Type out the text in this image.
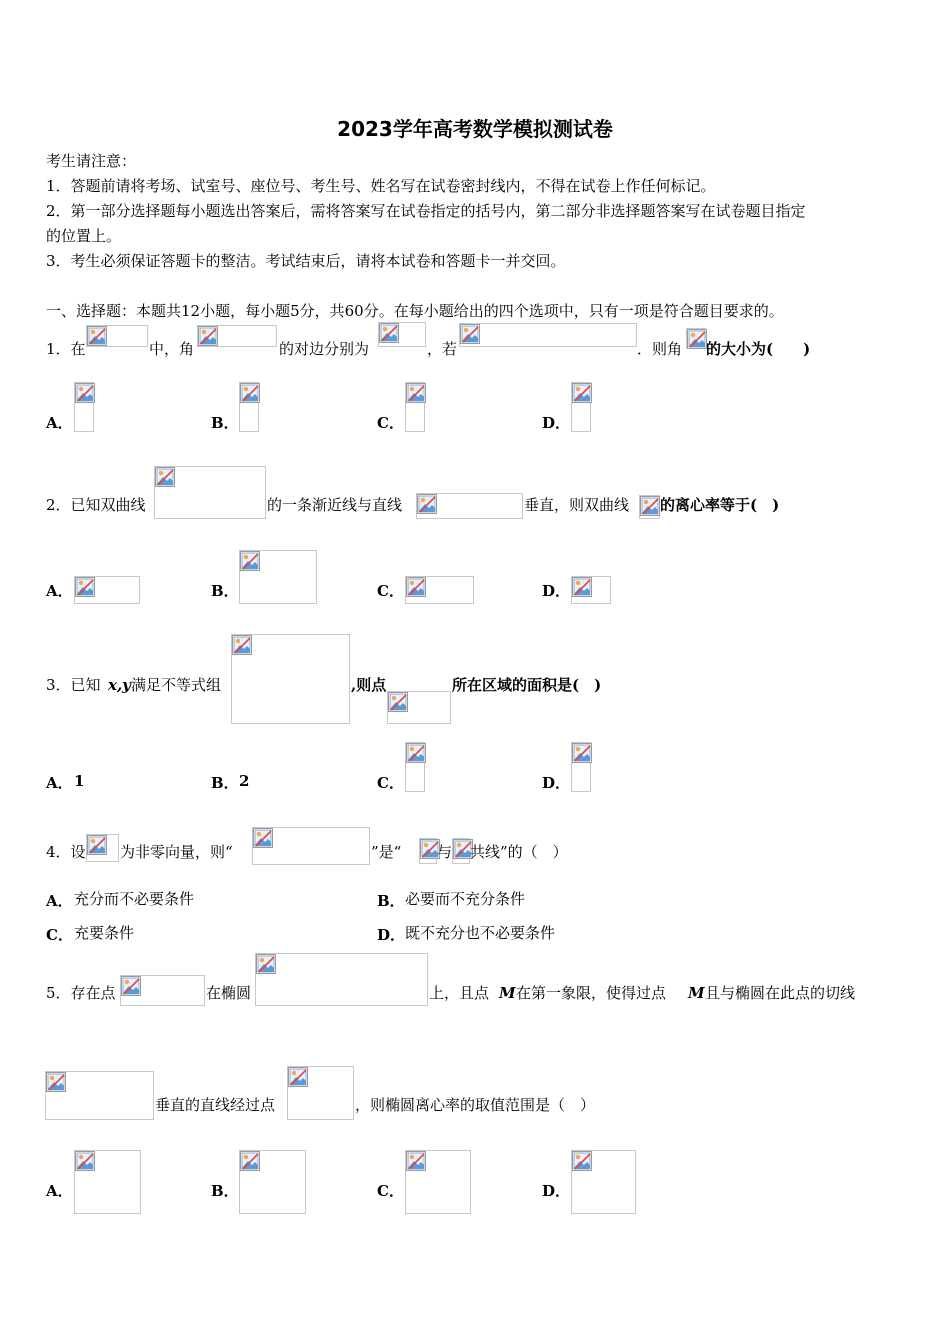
2023学年高考数学模拟测试卷
考生请注意：
1．答题前请将考场、试室号、座位号、考生号、姓名写在试卷密封线内，不得在试卷上作任何标记。
2．第一部分选择题每小题选出答案后，需将答案写在试卷指定的括号内，第二部分非选择题答案写在试卷题目指定
的位置上。
3．考生必须保证答题卡的整洁。考试结束后，请将本试卷和答题卡一并交回。
一、选择题：本题共12小题，每小题5分，共60分。在每小题给出的四个选项中，只有一项是符合题目要求的。
1．在	中，角	的对边分别为	，若	．则角 的大小为(　　)
A．	B．	C．	D．
2．已知双曲线	的一条渐近线与直线	垂直，则双曲线 的离心率等于(　)
A．	B．	C．	D．
3．已知 x,y 满足不等式组	,则点	所在区域的面积是(　)
A． 1	B． 2	C．	D．
4．设 为非零向量，则“	”是“ 与 共线”的（　）
A． 充分而不必要条件	B． 必要而不充分条件
C． 充要条件	D． 既不充分也不必要条件
5．存在点	在椭圆	上，且点 M 在第一象限，使得过点 M 且与椭圆在此点的切线
垂直的直线经过点	，则椭圆离心率的取值范围是（　）
A．	B．	C．	D．
